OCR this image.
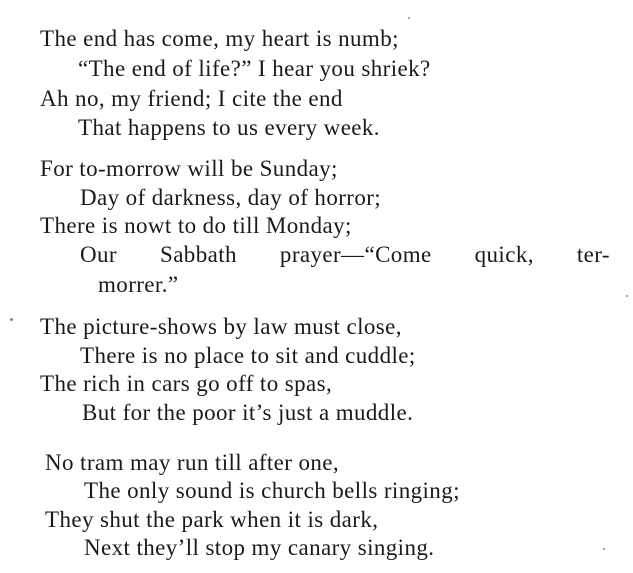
The end has come, my heart is numb;
“The end of life?” I hear you shriek?
Ah no, my friend; I cite the end
That happens to us every week.
For to-morrow will be Sunday;
Day of darkness, day of horror;
There is nowt to do till Monday;
Our Sabbath prayer—“Come quick, ter-
morrer.”
The picture-shows by law must close,
There is no place to sit and cuddle;
The rich in cars go off to spas,
But for the poor it’s just a muddle.
No tram may run till after one,
The only sound is church bells ringing;
They shut the park when it is dark,
Next they’ll stop my canary singing.
